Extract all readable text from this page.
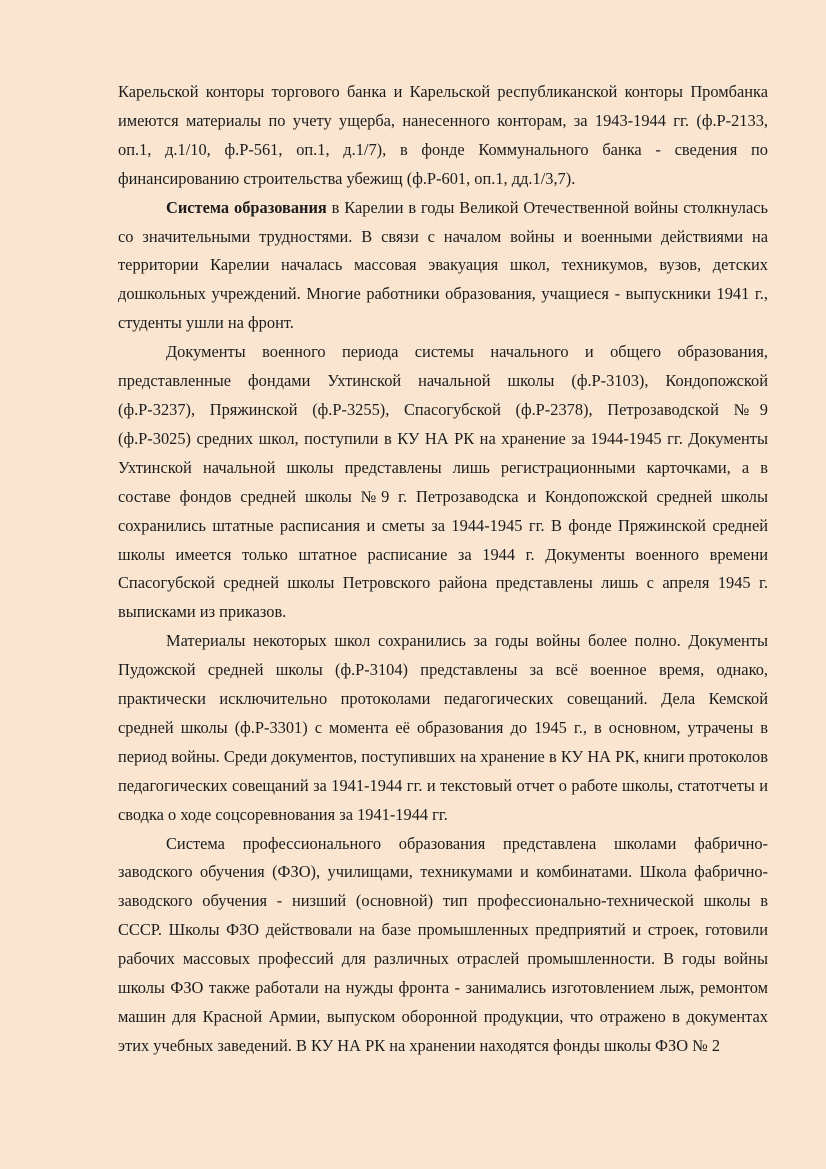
Карельской конторы торгового банка и Карельской республиканской конторы Промбанка имеются материалы по учету ущерба, нанесенного конторам, за 1943-1944 гг. (ф.Р-2133, оп.1, д.1/10, ф.Р-561, оп.1, д.1/7), в фонде Коммунального банка - сведения по финансированию строительства убежищ (ф.Р-601, оп.1, дд.1/3,7).

Система образования в Карелии в годы Великой Отечественной войны столкнулась со значительными трудностями. В связи с началом войны и военными действиями на территории Карелии началась массовая эвакуация школ, техникумов, вузов, детских дошкольных учреждений. Многие работники образования, учащиеся - выпускники 1941 г., студенты ушли на фронт.

Документы военного периода системы начального и общего образования, представленные фондами Ухтинской начальной школы (ф.Р-3103), Кондопожской (ф.Р-3237), Пряжинской (ф.Р-3255), Спасогубской (ф.Р-2378), Петрозаводской №9 (ф.Р-3025) средних школ, поступили в КУ НА РК на хранение за 1944-1945 гг. Документы Ухтинской начальной школы представлены лишь регистрационными карточками, а в составе фондов средней школы №9 г. Петрозаводска и Кондопожской средней школы сохранились штатные расписания и сметы за 1944-1945 гг. В фонде Пряжинской средней школы имеется только штатное расписание за 1944 г. Документы военного времени Спасогубской средней школы Петровского района представлены лишь с апреля 1945 г. выписками из приказов.

Материалы некоторых школ сохранились за годы войны более полно. Документы Пудожской средней школы (ф.Р-3104) представлены за всё военное время, однако, практически исключительно протоколами педагогических совещаний. Дела Кемской средней школы (ф.Р-3301) с момента её образования до 1945 г., в основном, утрачены в период войны. Среди документов, поступивших на хранение в КУ НА РК, книги протоколов педагогических совещаний за 1941-1944 гг. и текстовый отчет о работе школы, статотчеты и сводка о ходе соцсоревнования за 1941-1944 гг.

Система профессионального образования представлена школами фабрично-заводского обучения (ФЗО), училищами, техникумами и комбинатами. Школа фабрично-заводского обучения - низший (основной) тип профессионально-технической школы в СССР. Школы ФЗО действовали на базе промышленных предприятий и строек, готовили рабочих массовых профессий для различных отраслей промышленности. В годы войны школы ФЗО также работали на нужды фронта - занимались изготовлением лыж, ремонтом машин для Красной Армии, выпуском оборонной продукции, что отражено в документах этих учебных заведений. В КУ НА РК на хранении находятся фонды школы ФЗО № 2
